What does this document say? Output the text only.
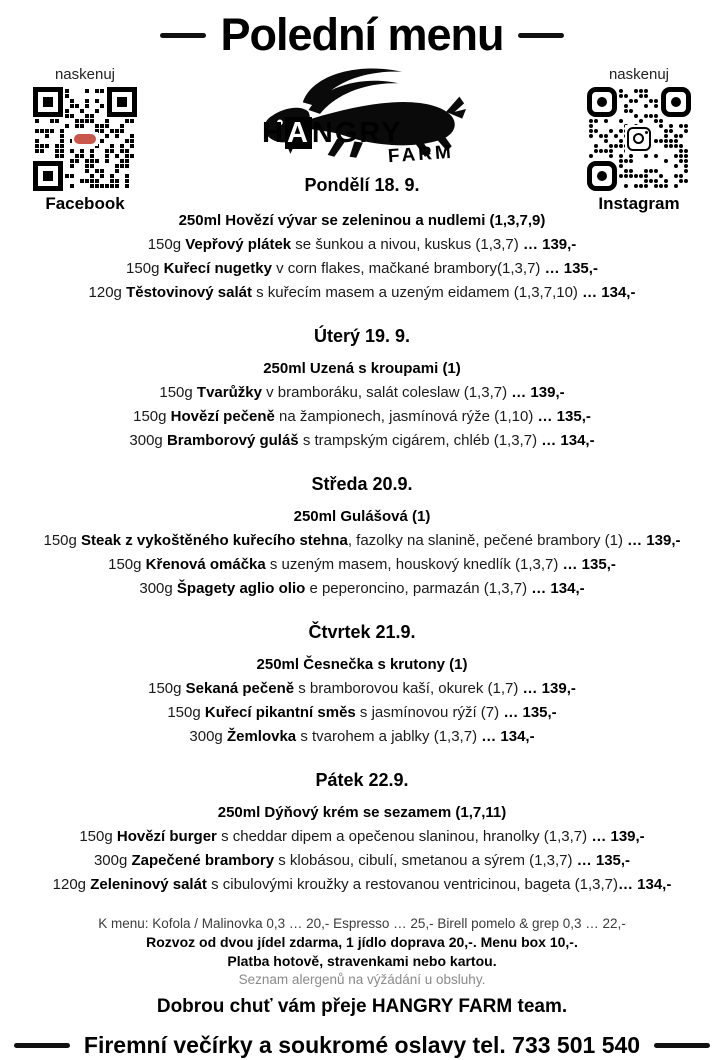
Polední menu
naskenuj
Facebook
HANGRY
FARM
Pondělí 18. 9.
250ml Hovězí vývar se zeleninou a nudlemi (1,3,7,9)
naskenuj
Instagram
150g Vepřový plátek se šunkou a nivou, kuskus (1,3,7) … 139,-
150g Kuřecí nugetky v corn flakes, mačkané brambory(1,3,7) … 135,-
120g Těstovinový salát s kuřecím masem a uzeným eidamem (1,3,7,10) … 134,-
Úterý 19. 9.
250ml Uzená s kroupami (1)
150g Tvarůžky v bramboráku, salát coleslaw (1,3,7) … 139,-
150g Hovězí pečeně na žampionech, jasmínová rýže (1,10) … 135,-
300g Bramborový guláš s trampským cigárem, chléb (1,3,7) … 134,-
Středa 20.9.
250ml Gulášová (1)
150g Steak z vykoštěného kuřecího stehna, fazolky na slanině, pečené brambory (1) … 139,-
150g Křenová omáčka s uzeným masem, houskový knedlík (1,3,7) … 135,-
300g Špagety aglio olio e peperoncino, parmazán (1,3,7) … 134,-
Čtvrtek 21.9.
250ml Česnečka s krutony (1)
150g Sekaná pečeně s bramborovou kaší, okurek (1,7) … 139,-
150g Kuřecí pikantní směs s jasmínovou rýží (7) … 135,-
300g Žemlovka s tvarohem a jablky (1,3,7) … 134,-
Pátek 22.9.
250ml Dýňový krém se sezamem (1,7,11)
150g Hovězí burger s cheddar dipem a opečenou slaninou, hranolky (1,3,7) … 139,-
300g Zapečené brambory s klobásou, cibulí, smetanou a sýrem (1,3,7) … 135,-
120g Zeleninový salát s cibulovými kroužky a restovanou ventricinou, bageta (1,3,7)… 134,-
K menu: Kofola / Malinovka 0,3 … 20,- Espresso … 25,- Birell pomelo & grep 0,3 … 22,-
Rozvoz od dvou jídel zdarma, 1 jídlo doprava 20,-. Menu box 10,-.
Platba hotově, stravenkami nebo kartou.
Seznam alergenů na výžádání u obsluhy.
Dobrou chuť vám přeje HANGRY FARM team.
Firemní večírky a soukromé oslavy tel. 733 501 540
